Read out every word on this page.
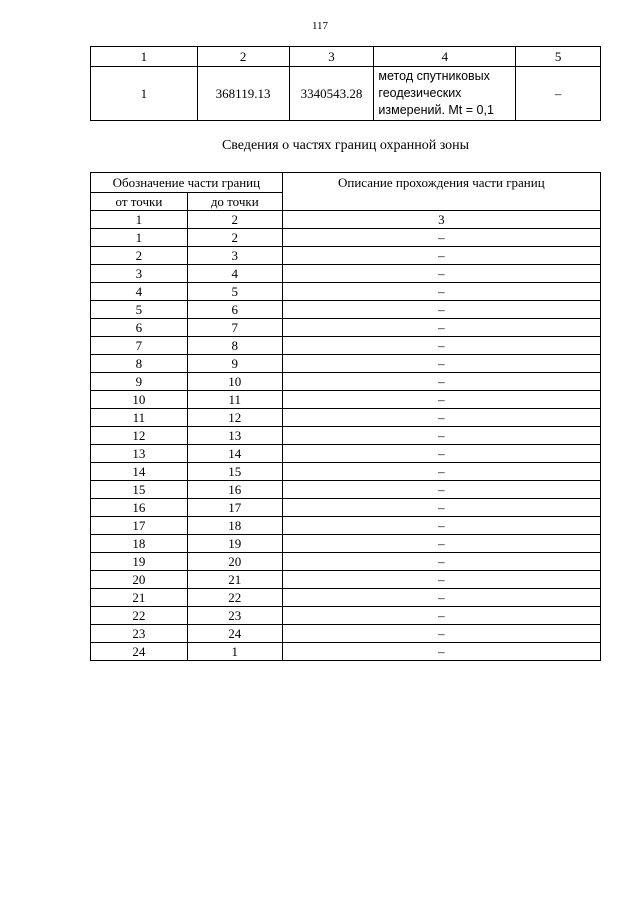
117
1	2	3	4	5
1	368119.13	3340543.28	метод спутниковых
геодезических
измерений. Mt = 0,1	–
Сведения о частях границ охранной зоны
Обозначение части границ		Описание прохождения части границ
от точки	до точки	
1	2	3
1	2	–
2	3	–
3	4	–
4	5	–
5	6	–
6	7	–
7	8	–
8	9	–
9	10	–
10	11	–
11	12	–
12	13	–
13	14	–
14	15	–
15	16	–
16	17	–
17	18	–
18	19	–
19	20	–
20	21	–
21	22	–
22	23	–
23	24	–
24	1	–
